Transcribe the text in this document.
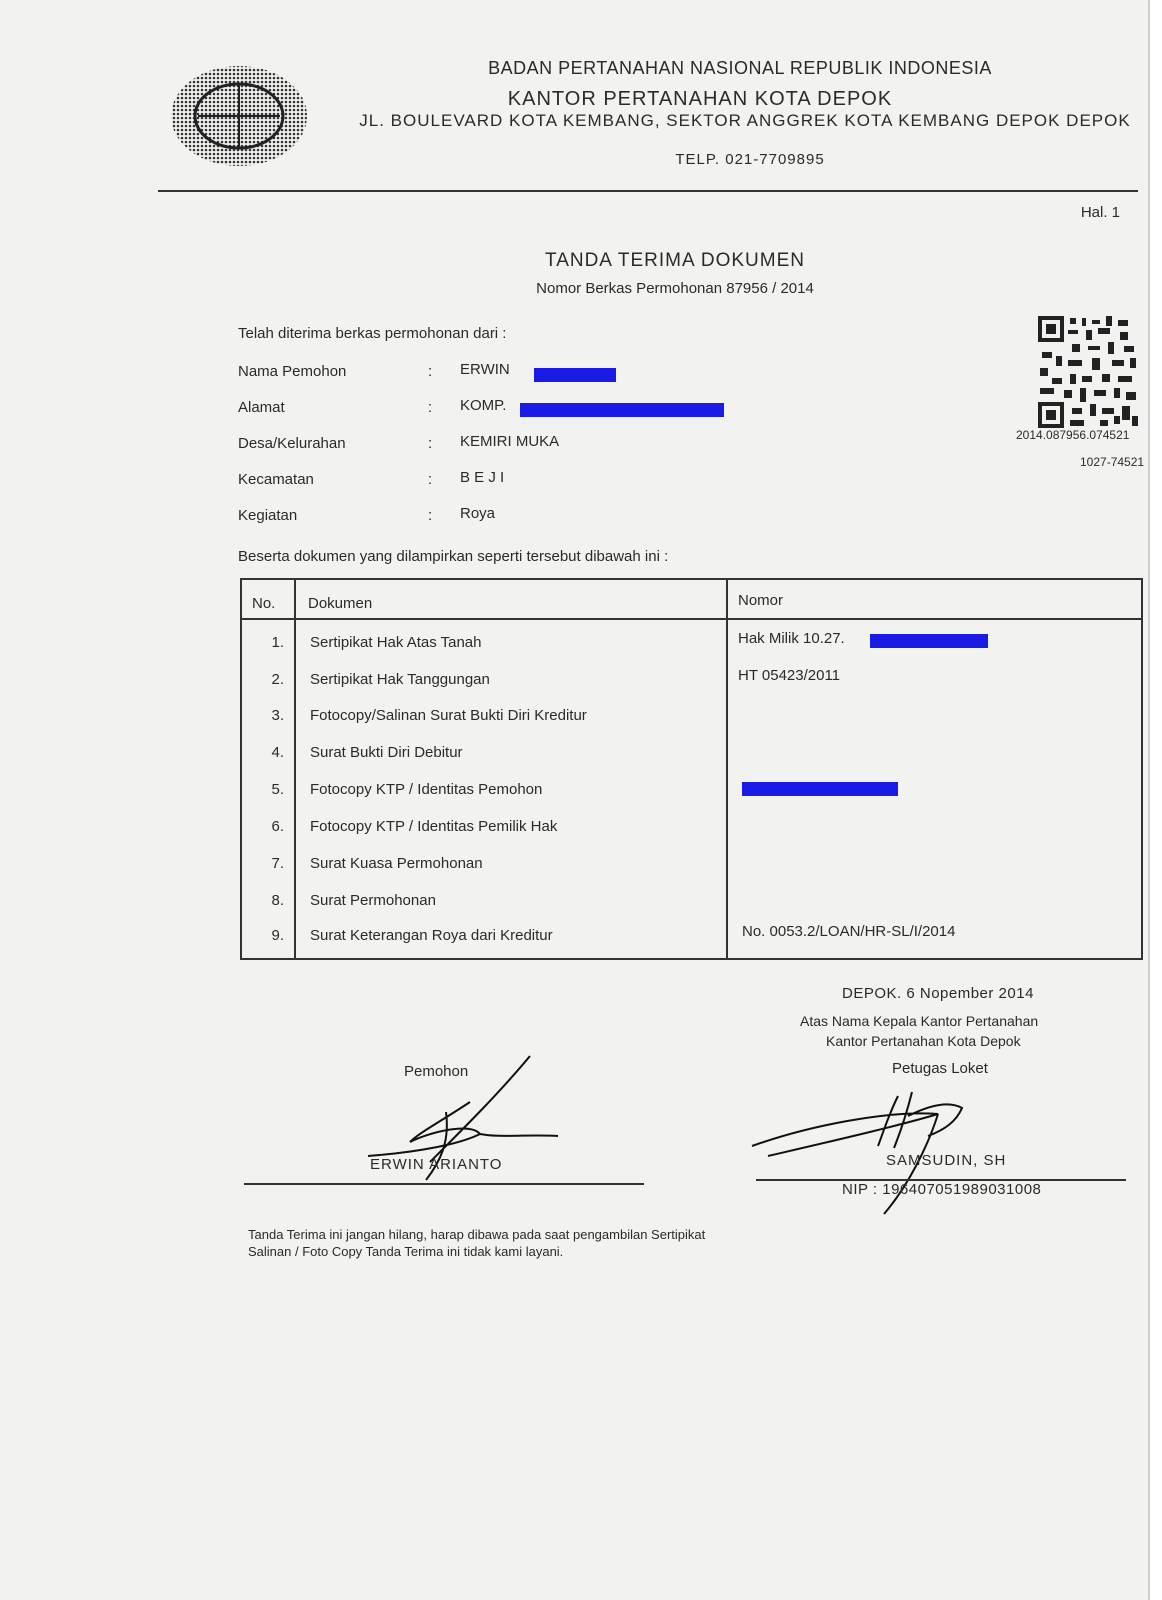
BADAN PERTANAHAN NASIONAL REPUBLIK INDONESIA
KANTOR PERTANAHAN KOTA DEPOK
JL. BOULEVARD KOTA KEMBANG, SEKTOR ANGGREK KOTA KEMBANG DEPOK DEPOK
TELP. 021-7709895
Hal. 1
TANDA TERIMA DOKUMEN
Nomor Berkas Permohonan 87956 / 2014
2014.087956.074521
1027-74521
Telah diterima berkas permohonan dari :
Nama Pemohon	: ERWIN
Alamat	: KOMP.
Desa/Kelurahan	: KEMIRI MUKA
Kecamatan	: B E J I
Kegiatan	: Roya
Beserta dokumen yang dilampirkan seperti tersebut dibawah ini :
No. Dokumen	Nomor
1. Sertipikat Hak Atas Tanah	Hak Milik 10.27.
2. Sertipikat Hak Tanggungan	HT 05423/2011
3. Fotocopy/Salinan Surat Bukti Diri Kreditur
4. Surat Bukti Diri Debitur
5. Fotocopy KTP / Identitas Pemohon
6. Fotocopy KTP / Identitas Pemilik Hak
7. Surat Kuasa Permohonan
8. Surat Permohonan
9. Surat Keterangan Roya dari Kreditur	No. 0053.2/LOAN/HR-SL/I/2014
DEPOK. 6 Nopember 2014
Atas Nama Kepala Kantor Pertanahan
Kantor Pertanahan Kota Depok
Petugas Loket
Pemohon
ERWIN ARIANTO	SAMSUDIN, SH
NIP : 196407051989031008
Tanda Terima ini jangan hilang, harap dibawa pada saat pengambilan Sertipikat
Salinan / Foto Copy Tanda Terima ini tidak kami layani.
